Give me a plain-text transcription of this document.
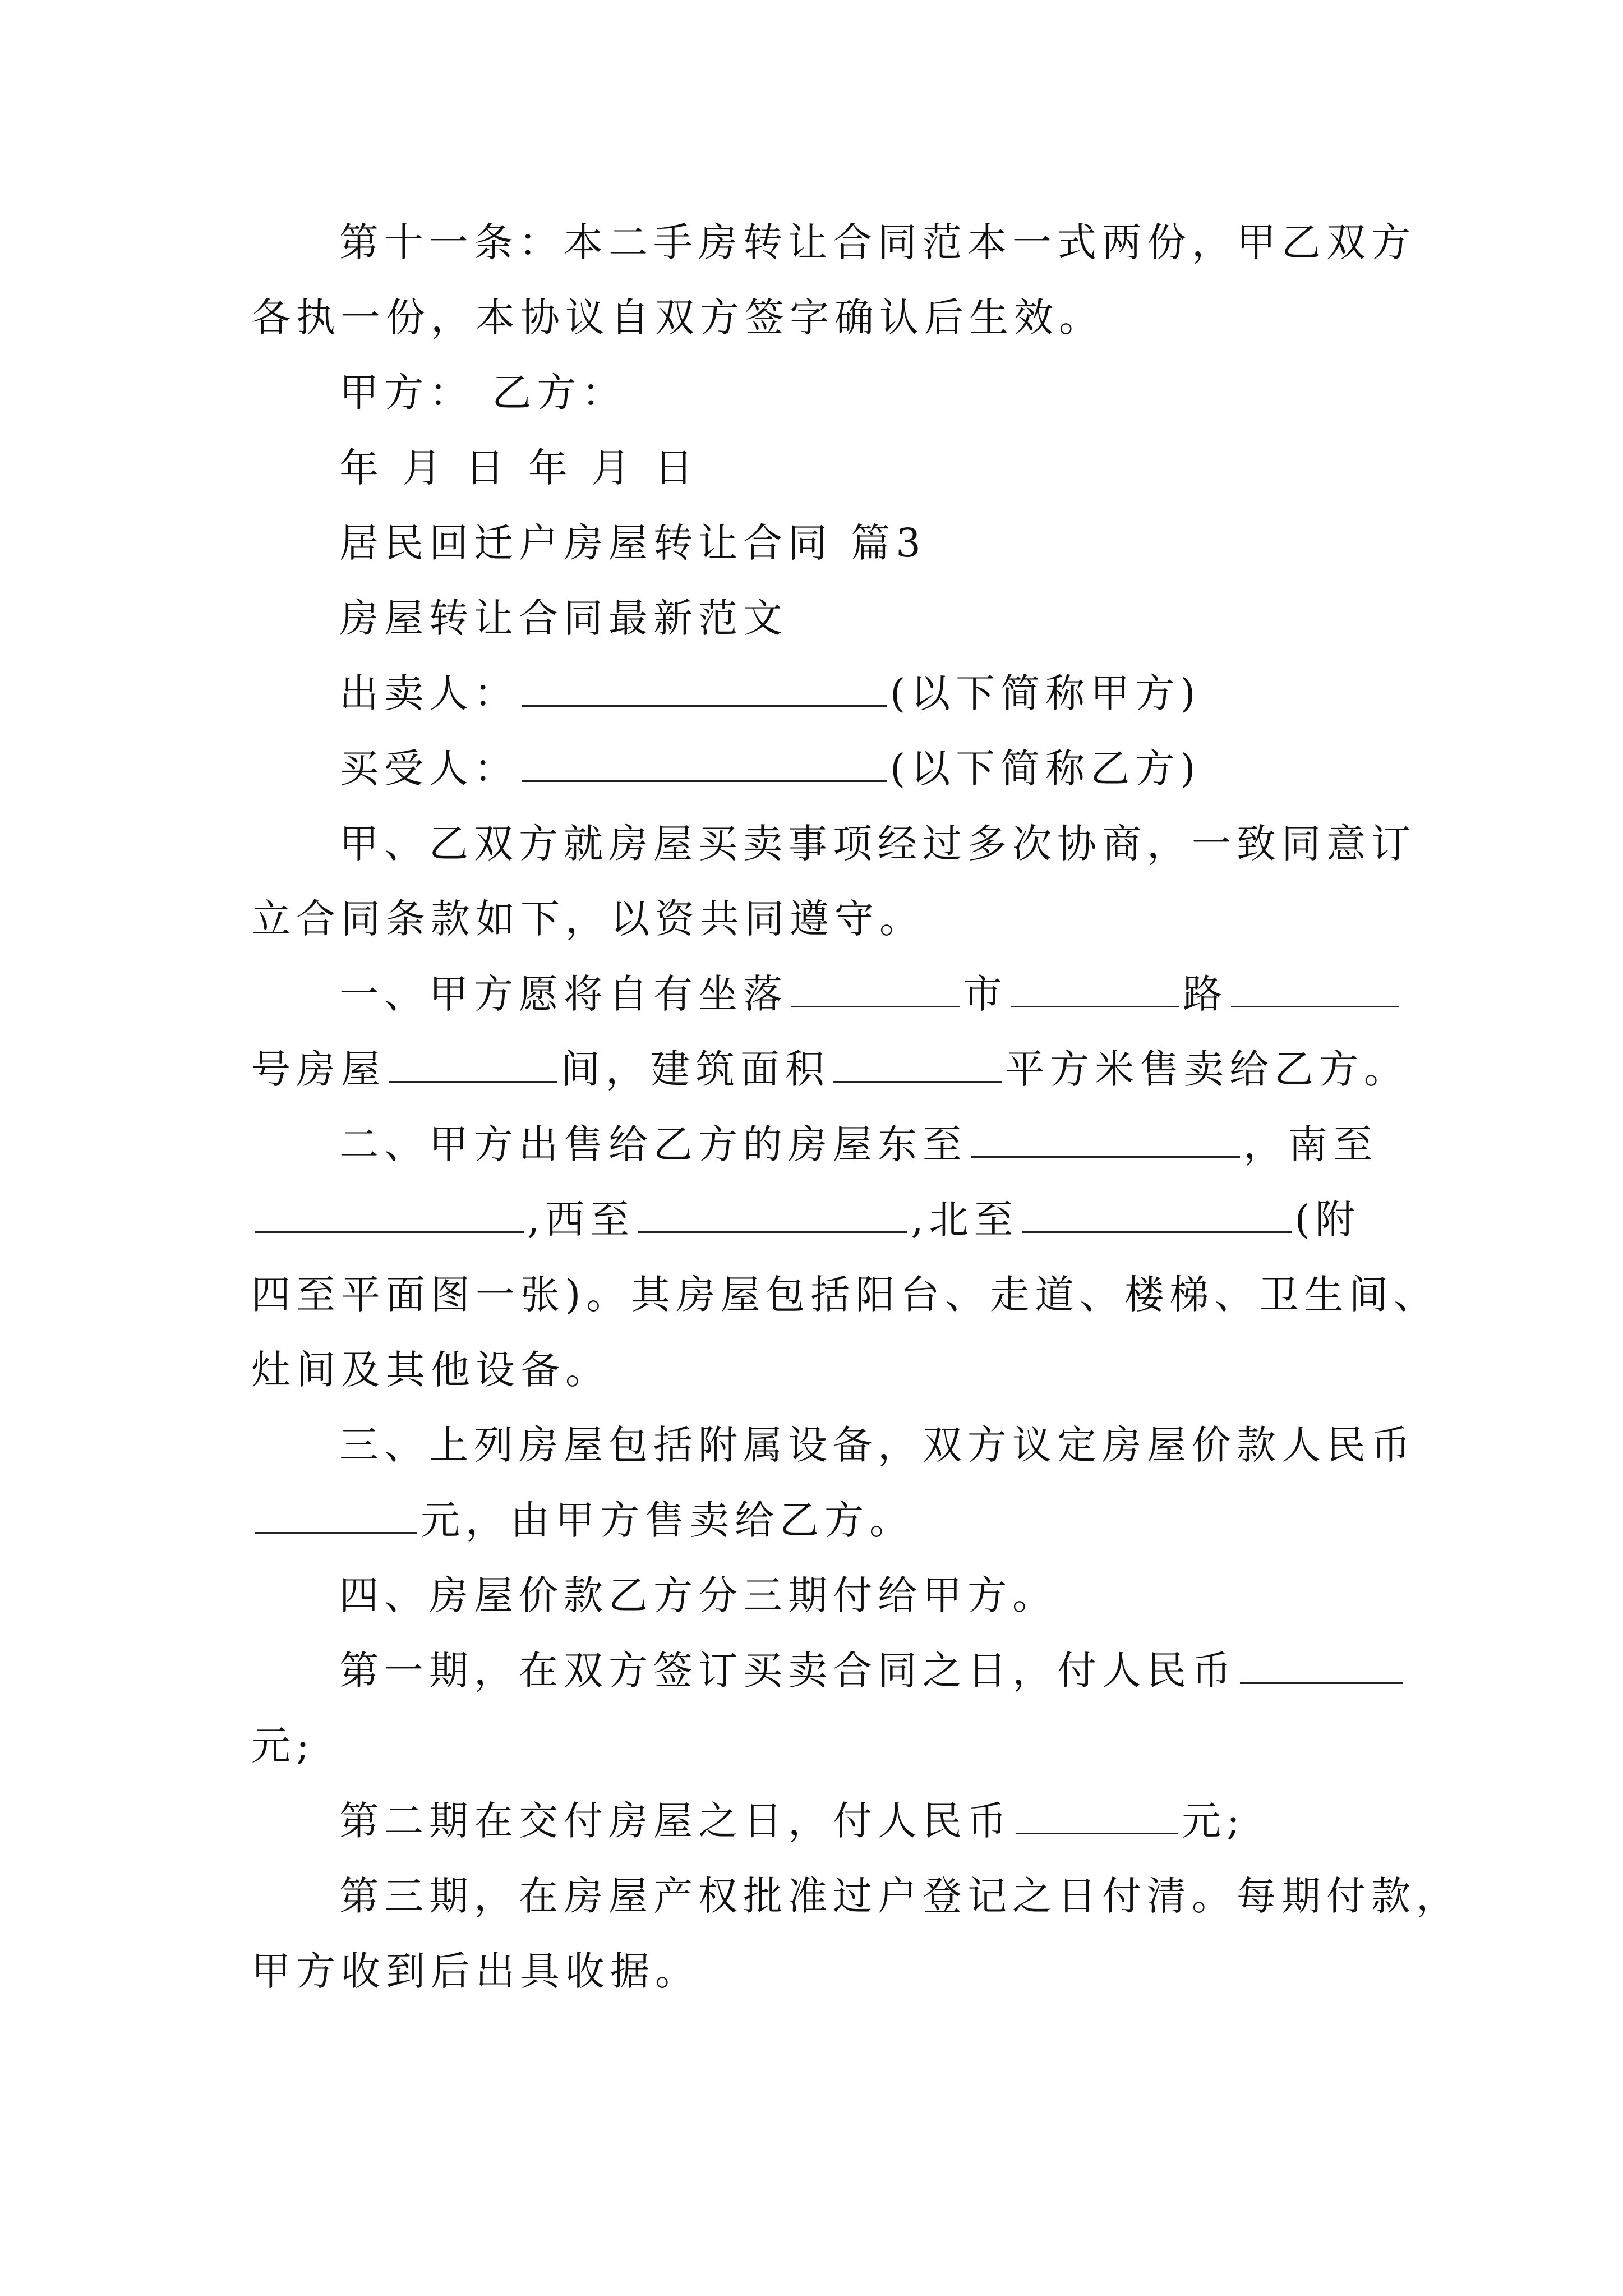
第十一条：本二手房转让合同范本一式两份，甲乙双方
各执一份，本协议自双方签字确认后生效。
甲方： 乙方：
年 月 日 年 月 日
居民回迁户房屋转让合同 篇3
房屋转让合同最新范文
出卖人：	(以下简称甲方)
买受人：	(以下简称乙方)
甲、乙双方就房屋买卖事项经过多次协商，一致同意订
立合同条款如下，以资共同遵守。
一、甲方愿将自有坐落	市	路
号房屋	间，建筑面积	平方米售卖给乙方。
二、甲方出售给乙方的房屋东至	，南至
,西至	,北至	(附
四至平面图一张)。其房屋包括阳台、走道、楼梯、卫生间、
灶间及其他设备。
三、上列房屋包括附属设备，双方议定房屋价款人民币
元，由甲方售卖给乙方。
四、房屋价款乙方分三期付给甲方。
第一期，在双方签订买卖合同之日，付人民币
元;
第二期在交付房屋之日，付人民币	元;
第三期，在房屋产权批准过户登记之日付清。每期付款，
甲方收到后出具收据。
